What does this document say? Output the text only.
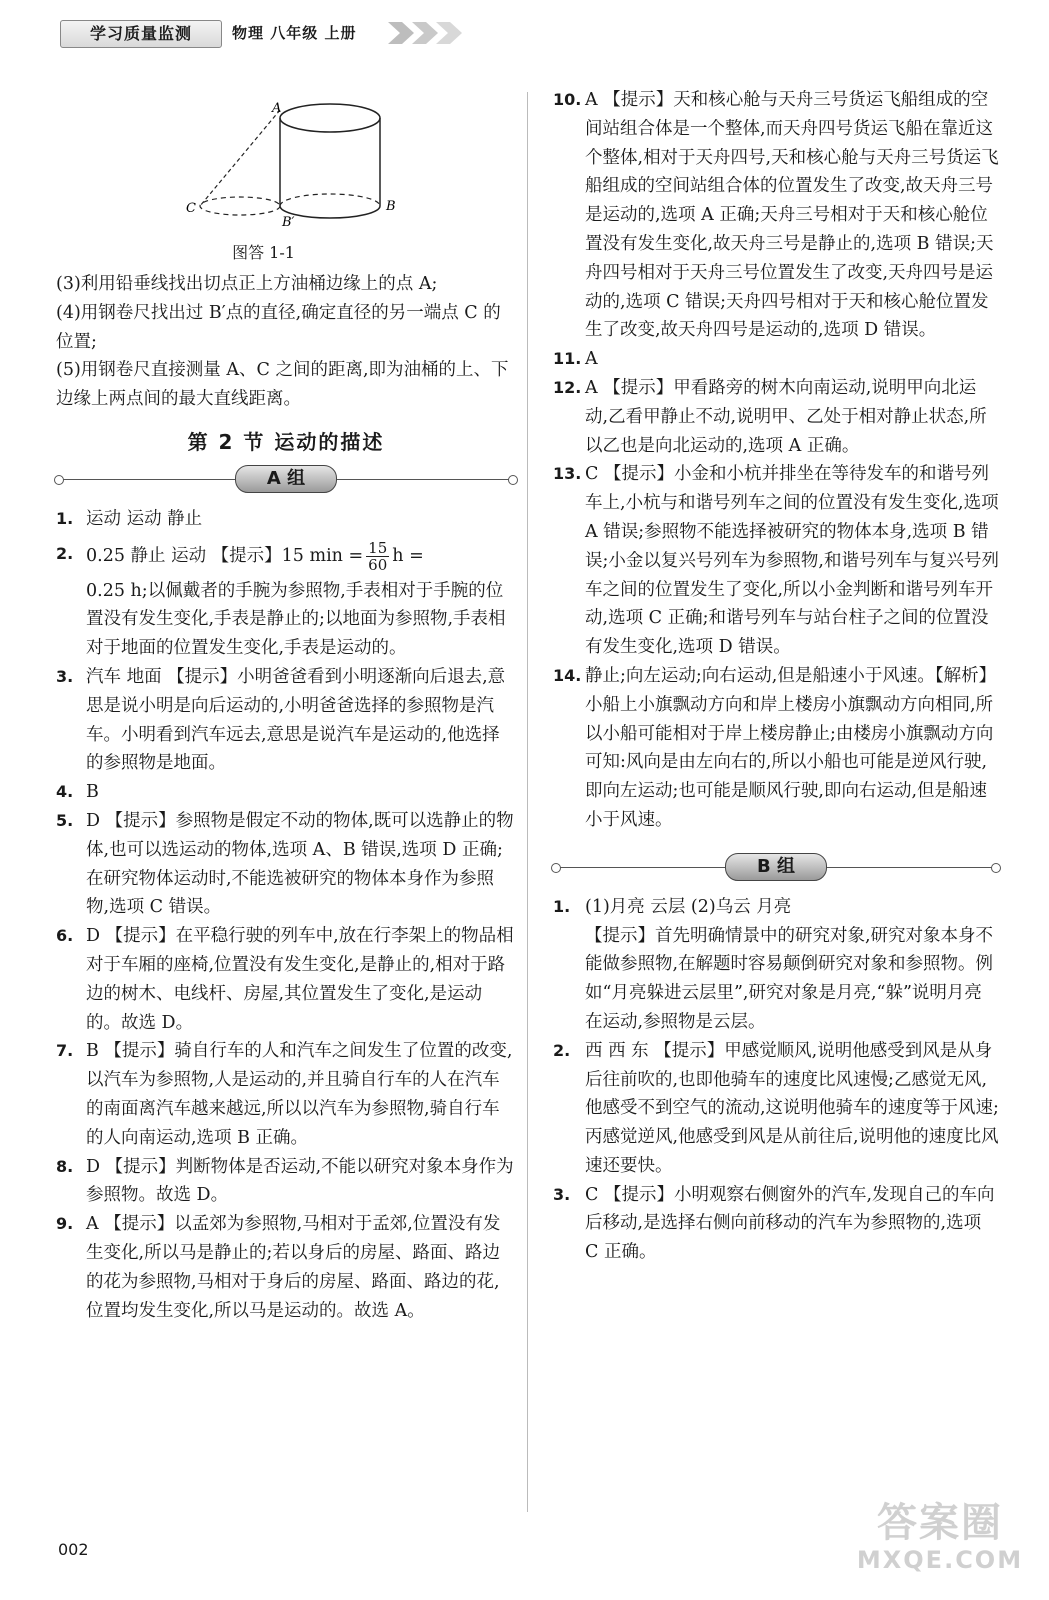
学习质量监测	物理 八年级 上册
A
B
B′
C
图答 1-1
(3)利用铅垂线找出切点正上方油桶边缘上的点 A;
(4)用钢卷尺找出过 B′点的直径,确定直径的另一端点 C 的位置;
(5)用钢卷尺直接测量 A、C 之间的距离,即为油桶的上、下边缘上两点间的最大直线距离。
第 2 节 运动的描述
A 组
1. 运动 运动 静止
2. 0.25 静止 运动 【提示】15 $\min = \frac{15}{60}$ h =
0.25 h;以佩戴者的手腕为参照物,手表相对于手腕的位置没有发生变化,手表是静止的;以地面为参照物,手表相对于地面的位置发生变化,手表是运动的。
3. 汽车 地面 【提示】小明爸爸看到小明逐渐向后退去,意思是说小明是向后运动的,小明爸爸选择的参照物是汽车。小明看到汽车远去,意思是说汽车是运动的,他选择的参照物是地面。
4. B
5. D 【提示】参照物是假定不动的物体,既可以选静止的物体,也可以选运动的物体,选项 A、B 错误,选项 D 正确;在研究物体运动时,不能选被研究的物体本身作为参照物,选项 C 错误。
6. D 【提示】在平稳行驶的列车中,放在行李架上的物品相对于车厢的座椅,位置没有发生变化,是静止的,相对于路边的树木、电线杆、房屋,其位置发生了变化,是运动的。故选 D。
7. B 【提示】骑自行车的人和汽车之间发生了位置的改变,以汽车为参照物,人是运动的,并且骑自行车的人在汽车的南面离汽车越来越远,所以以汽车为参照物,骑自行车的人向南运动,选项 B 正确。
8. D 【提示】判断物体是否运动,不能以研究对象本身作为参照物。故选 D。
9. A 【提示】以孟郊为参照物,马相对于孟郊,位置没有发生变化,所以马是静止的;若以身后的房屋、路面、路边的花为参照物,马相对于身后的房屋、路面、路边的花,位置均发生变化,所以马是运动的。故选 A。
10. A 【提示】天和核心舱与天舟三号货运飞船组成的空间站组合体是一个整体,而天舟四号货运飞船在靠近这个整体,相对于天舟四号,天和核心舱与天舟三号货运飞船组成的空间站组合体的位置发生了改变,故天舟三号是运动的,选项 A 正确;天舟三号相对于天和核心舱位置没有发生变化,故天舟三号是静止的,选项 B 错误;天舟四号相对于天舟三号位置发生了改变,天舟四号是运动的,选项 C 错误;天舟四号相对于天和核心舱位置发生了改变,故天舟四号是运动的,选项 D 错误。
11. A
12. A 【提示】甲看路旁的树木向南运动,说明甲向北运动,乙看甲静止不动,说明甲、乙处于相对静止状态,所以乙也是向北运动的,选项 A 正确。
13. C 【提示】小金和小杭并排坐在等待发车的和谐号列车上,小杭与和谐号列车之间的位置没有发生变化,选项 A 错误;参照物不能选择被研究的物体本身,选项 B 错误;小金以复兴号列车为参照物,和谐号列车与复兴号列车之间的位置发生了变化,所以小金判断和谐号列车开动,选项 C 正确;和谐号列车与站台柱子之间的位置没有发生变化,选项 D 错误。
14. 静止;向左运动;向右运动,但是船速小于风速。【解析】小船上小旗飘动方向和岸上楼房小旗飘动方向相同,所以小船可能相对于岸上楼房静止;由楼房小旗飘动方向可知:风向是由左向右的,所以小船也可能是逆风行驶,即向左运动;也可能是顺风行驶,即向右运动,但是船速小于风速。
B 组
1. (1)月亮 云层 (2)乌云 月亮
【提示】首先明确情景中的研究对象,研究对象本身不能做参照物,在解题时容易颠倒研究对象和参照物。例如“月亮躲进云层里”,研究对象是月亮,“躲”说明月亮在运动,参照物是云层。
2. 西 西 东 【提示】甲感觉顺风,说明他感受到风是从身后往前吹的,也即他骑车的速度比风速慢;乙感觉无风,他感受不到空气的流动,这说明他骑车的速度等于风速;丙感觉逆风,他感受到风是从前往后,说明他的速度比风速还要快。
3. C 【提示】小明观察右侧窗外的汽车,发现自己的车向后移动,是选择右侧向前移动的汽车为参照物的,选项 C 正确。
002
答案圈
MXQE.COM
